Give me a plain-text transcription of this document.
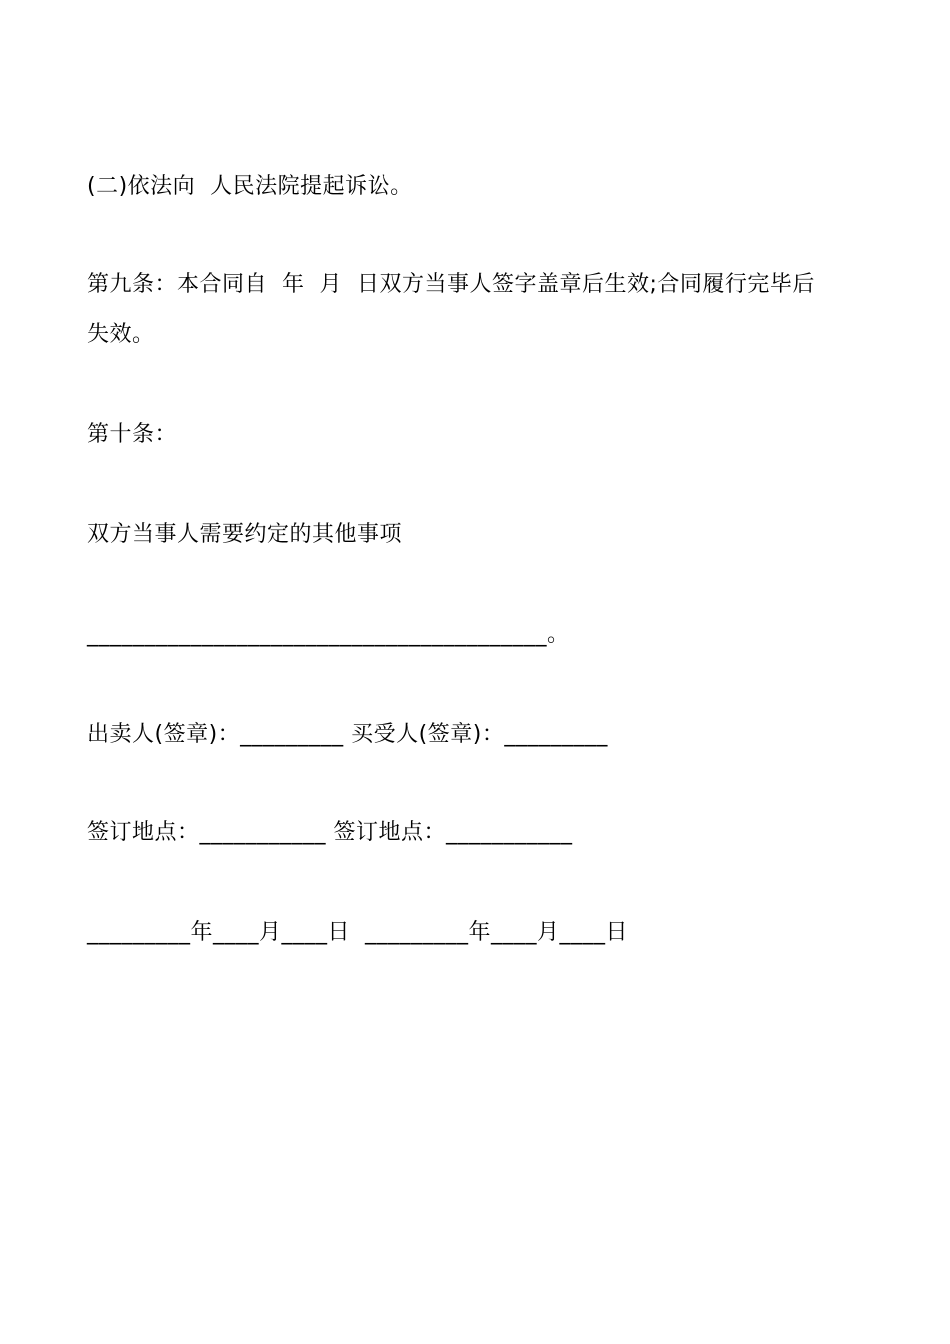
(二)依法向  人民法院提起诉讼。
第九条：本合同自  年  月  日双方当事人签字盖章后生效;合同履行完毕后
失效。
第十条：
双方当事人需要约定的其他事项
________________________________________。
出卖人(签章)：_________ 买受人(签章)：_________
签订地点：___________ 签订地点：___________
_________年____月____日  _________年____月____日
